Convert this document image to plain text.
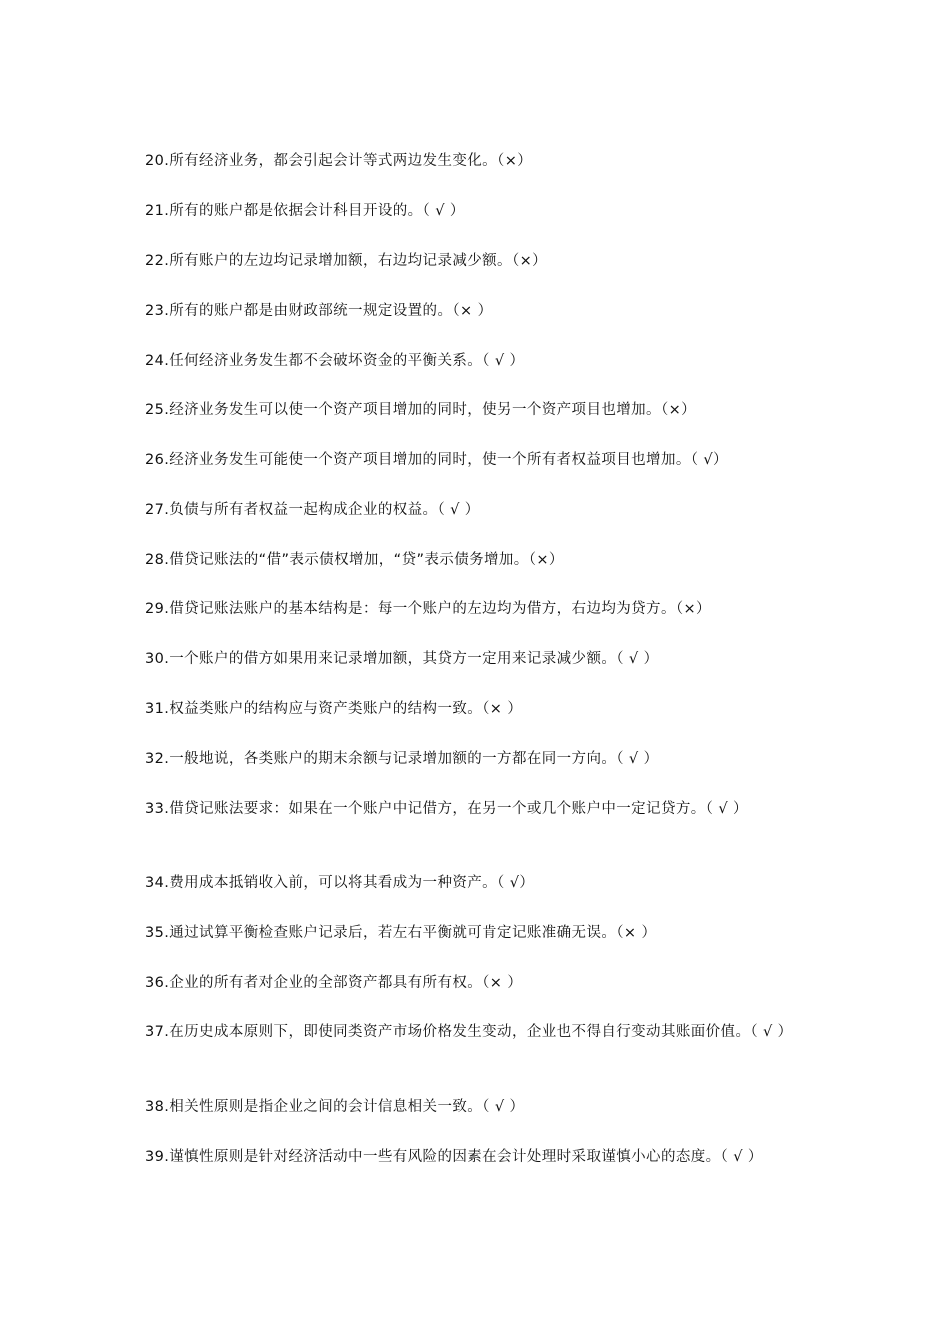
20.所有经济业务，都会引起会计等式两边发生变化。（×）
21.所有的账户都是依据会计科目开设的。（ √ ）
22.所有账户的左边均记录增加额，右边均记录减少额。（×）
23.所有的账户都是由财政部统一规定设置的。（× ）
24.任何经济业务发生都不会破坏资金的平衡关系。（ √ ）
25.经济业务发生可以使一个资产项目增加的同时，使另一个资产项目也增加。（×）
26.经济业务发生可能使一个资产项目增加的同时，使一个所有者权益项目也增加。（ √）
27.负债与所有者权益一起构成企业的权益。（ √ ）
28.借贷记账法的“借”表示债权增加，“贷”表示债务增加。（×）
29.借贷记账法账户的基本结构是：每一个账户的左边均为借方，右边均为贷方。（×）
30.一个账户的借方如果用来记录增加额，其贷方一定用来记录减少额。（ √ ）
31.权益类账户的结构应与资产类账户的结构一致。（× ）
32.一般地说，各类账户的期末余额与记录增加额的一方都在同一方向。（ √ ）
33.借贷记账法要求：如果在一个账户中记借方，在另一个或几个账户中一定记贷方。（ √ ）
34.费用成本抵销收入前，可以将其看成为一种资产。（ √）
35.通过试算平衡检查账户记录后，若左右平衡就可肯定记账准确无误。（× ）
36.企业的所有者对企业的全部资产都具有所有权。（× ）
37.在历史成本原则下，即使同类资产市场价格发生变动，企业也不得自行变动其账面价值。（ √ ）
38.相关性原则是指企业之间的会计信息相关一致。（ √ ）
39.谨慎性原则是针对经济活动中一些有风险的因素在会计处理时采取谨慎小心的态度。（ √ ）
